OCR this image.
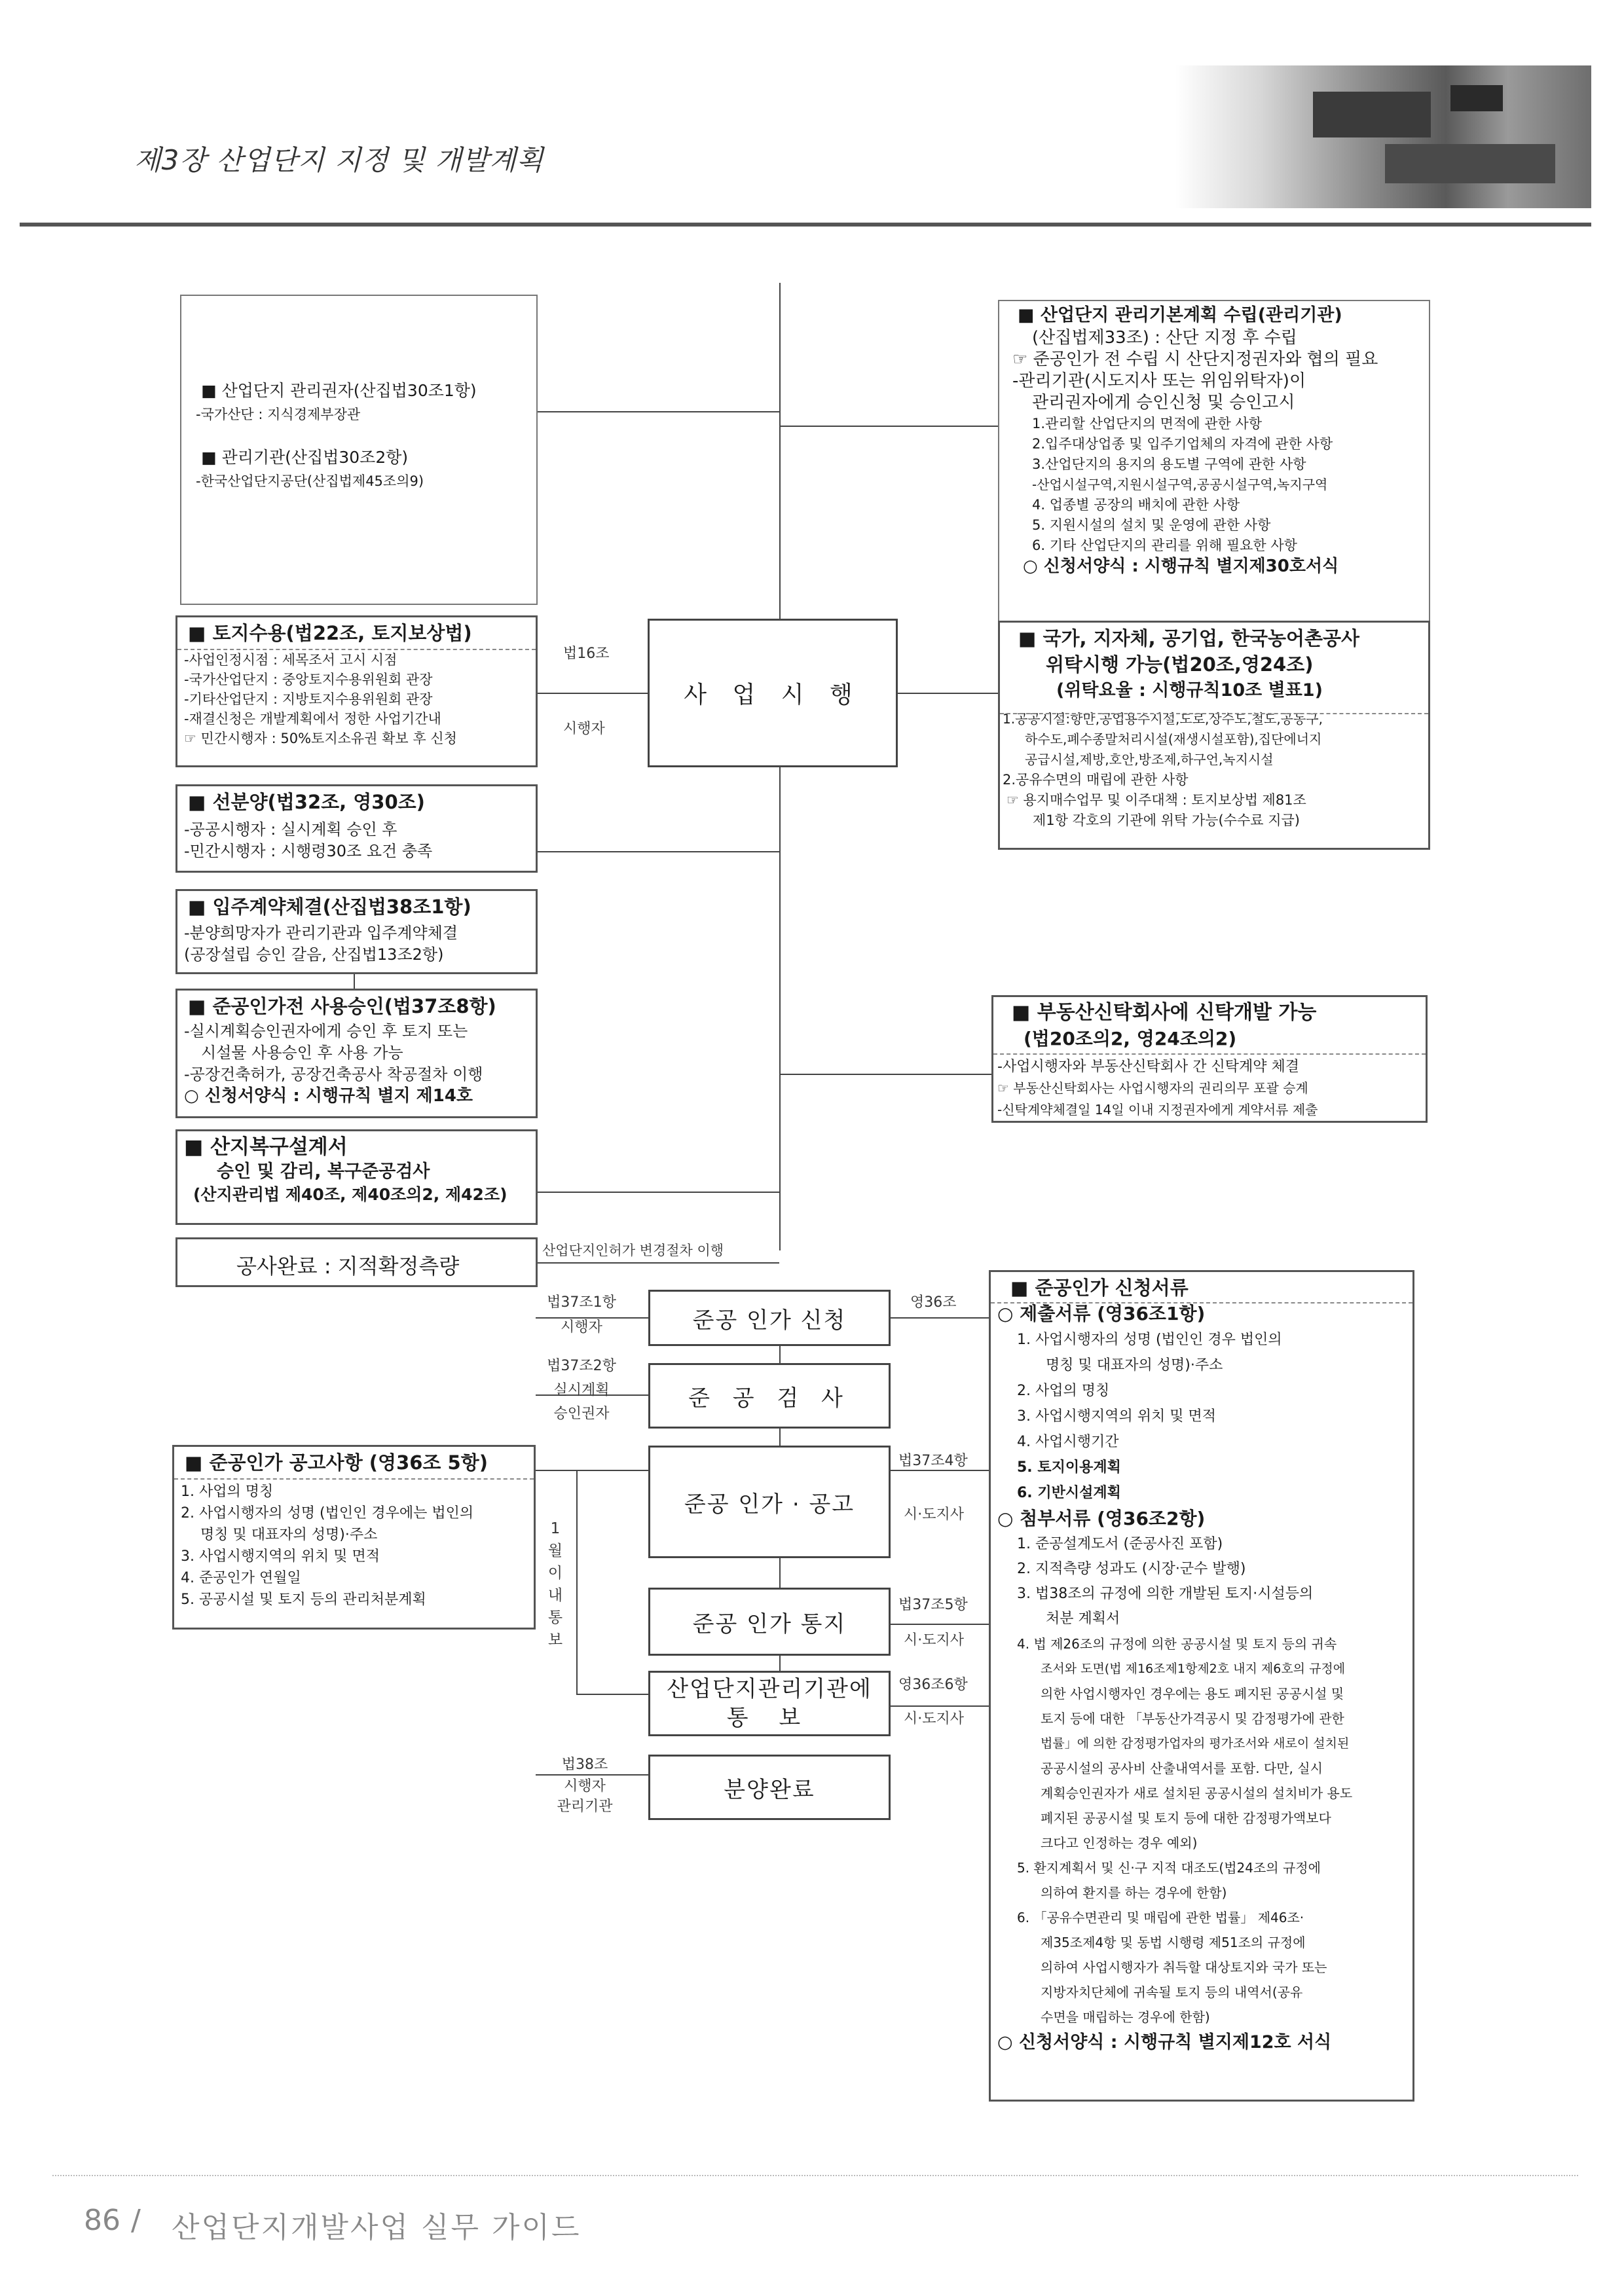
제3장 산업단지 지정 및 개발계획
■ 산업단지 관리권자(산집법30조1항)
-국가산단 : 지식경제부장관
■ 관리기관(산집법30조2항)
-한국산업단지공단(산집법제45조의9)
■ 토지수용(법22조, 토지보상법)
-사업인정시점 : 세목조서 고시 시점
-국가산업단지 : 중앙토지수용위원회 관장
-기타산업단지 : 지방토지수용위원회 관장
-재결신청은 개발계획에서 정한 사업기간내
☞ 민간시행자 : 50%토지소유권 확보 후 신청
■ 선분양(법32조, 영30조)
-공공시행자 : 실시계획 승인 후
-민간시행자 : 시행령30조 요건 충족
■ 입주계약체결(산집법38조1항)
-분양희망자가 관리기관과 입주계약체결
(공장설립 승인 갈음, 산집법13조2항)
■ 준공인가전 사용승인(법37조8항)
-실시계획승인권자에게 승인 후 토지 또는
시설물 사용승인 후 사용 가능
-공장건축허가, 공장건축공사 착공절차 이행
○ 신청서양식 : 시행규칙 별지 제14호
■ 산지복구설계서
승인 및 감리, 복구준공검사
(산지관리법 제40조, 제40조의2, 제42조)
공사완료 : 지적확정측량
■ 준공인가 공고사항 (영36조 5항)
1. 사업의 명칭
2. 사업시행자의 성명 (법인인 경우에는 법인의
명칭 및 대표자의 성명)·주소
3. 사업시행지역의 위치 및 면적
4. 준공인가 연월일
5. 공공시설 및 토지 등의 관리처분계획
사 업 시 행
준공 인가 신청
준 공 검 사
준공 인가 · 공고
준공 인가 통지
산업단지관리기관에
통 보
분양완료
법16조
시행자
산업단지인허가 변경절차 이행
법37조1항
시행자
영36조
법37조2항
실시계획
승인권자
법37조4항
시·도지사
법37조5항
시·도지사
영36조6항
시·도지사
법38조
시행자
관리기관
1
월
이
내
통
보
■ 산업단지 관리기본계획 수립(관리기관)
(산집법제33조) : 산단 지정 후 수립
☞ 준공인가 전 수립 시 산단지정권자와 협의 필요
-관리기관(시도지사 또는 위임위탁자)이
관리권자에게 승인신청 및 승인고시
1.관리할 산업단지의 면적에 관한 사항
2.입주대상업종 및 입주기업체의 자격에 관한 사항
3.산업단지의 용지의 용도별 구역에 관한 사항
-산업시설구역,지원시설구역,공공시설구역,녹지구역
4. 업종별 공장의 배치에 관한 사항
5. 지원시설의 설치 및 운영에 관한 사항
6. 기타 산업단지의 관리를 위해 필요한 사항
○ 신청서양식 : 시행규칙 별지제30호서식
■ 국가, 지자체, 공기업, 한국농어촌공사
위탁시행 가능(법20조,영24조)
(위탁요율 : 시행규칙10조 별표1)
1.공공시설:항만,공업용수시설,도로,상수도,철도,공동구,
하수도,폐수종말처리시설(재생시설포함),집단에너지
공급시설,제방,호안,방조제,하구언,녹지시설
2.공유수면의 매립에 관한 사항
☞ 용지매수업무 및 이주대책 : 토지보상법 제81조
제1항 각호의 기관에 위탁 가능(수수료 지급)
■ 부동산신탁회사에 신탁개발 가능
(법20조의2, 영24조의2)
-사업시행자와 부동산신탁회사 간 신탁계약 체결
☞ 부동산신탁회사는 사업시행자의 권리의무 포괄 승계
-신탁계약체결일 14일 이내 지정권자에게 계약서류 제출
■ 준공인가 신청서류
○ 제출서류 (영36조1항)
1. 사업시행자의 성명 (법인인 경우 법인의
명칭 및 대표자의 성명)·주소
2. 사업의 명칭
3. 사업시행지역의 위치 및 면적
4. 사업시행기간
5. 토지이용계획
6. 기반시설계획
○ 첨부서류 (영36조2항)
1. 준공설계도서 (준공사진 포함)
2. 지적측량 성과도 (시장·군수 발행)
3. 법38조의 규정에 의한 개발된 토지·시설등의
처분 계획서
4. 법 제26조의 규정에 의한 공공시설 및 토지 등의 귀속
조서와 도면(법 제16조제1항제2호 내지 제6호의 규정에
의한 사업시행자인 경우에는 용도 폐지된 공공시설 및
토지 등에 대한 「부동산가격공시 및 감정평가에 관한
법률」에 의한 감정평가업자의 평가조서와 새로이 설치된
공공시설의 공사비 산출내역서를 포함. 다만, 실시
계획승인권자가 새로 설치된 공공시설의 설치비가 용도
폐지된 공공시설 및 토지 등에 대한 감정평가액보다
크다고 인정하는 경우 예외)
5. 환지계획서 및 신·구 지적 대조도(법24조의 규정에
의하여 환지를 하는 경우에 한함)
6. 「공유수면관리 및 매립에 관한 법률」 제46조·
제35조제4항 및 동법 시행령 제51조의 규정에
의하여 사업시행자가 취득할 대상토지와 국가 또는
지방자치단체에 귀속될 토지 등의 내역서(공유
수면을 매립하는 경우에 한함)
○ 신청서양식 : 시행규칙 별지제12호 서식
86 / 산업단지개발사업 실무 가이드
